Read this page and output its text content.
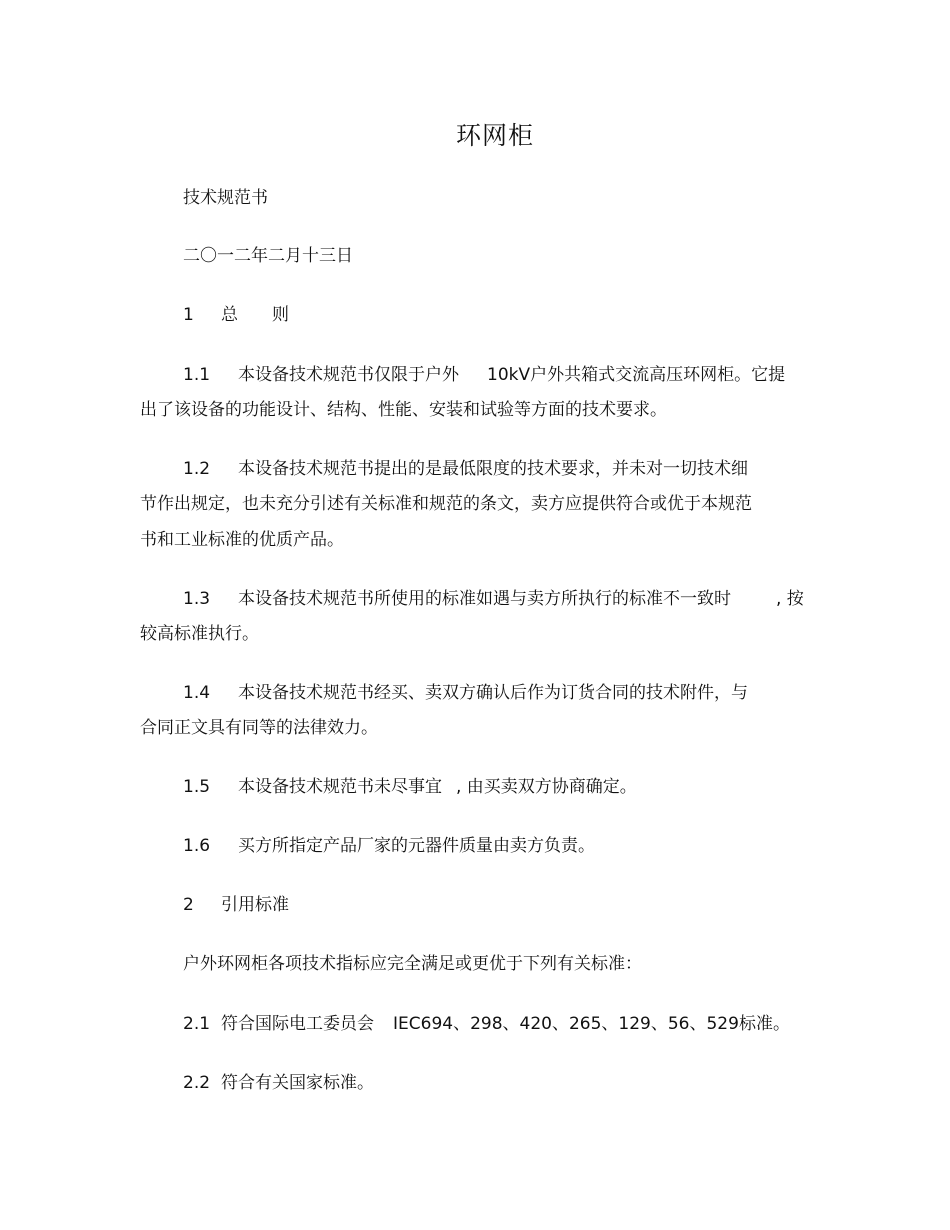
环网柜
技术规范书
二〇一二年二月十三日
1 总　　则
1.1 本设备技术规范书仅限于户外 10kV户外共箱式交流高压环网柜。它提
出了该设备的功能设计、结构、性能、安装和试验等方面的技术要求。
1.2 本设备技术规范书提出的是最低限度的技术要求，并未对一切技术细
节作出规定，也未充分引述有关标准和规范的条文，卖方应提供符合或优于本规范
书和工业标准的优质产品。
1.3 本设备技术规范书所使用的标准如遇与卖方所执行的标准不一致时	, 按
较高标准执行。
1.4 本设备技术规范书经买、卖双方确认后作为订货合同的技术附件，与
合同正文具有同等的法律效力。
1.5 本设备技术规范书未尽事宜 , 由买卖双方协商确定。
1.6 买方所指定产品厂家的元器件质量由卖方负责。
2 引用标准
户外环网柜各项技术指标应完全满足或更优于下列有关标准：
2.1 符合国际电工委员会 IEC694、298、420、265、129、56、529标准。
2.2 符合有关国家标准。
